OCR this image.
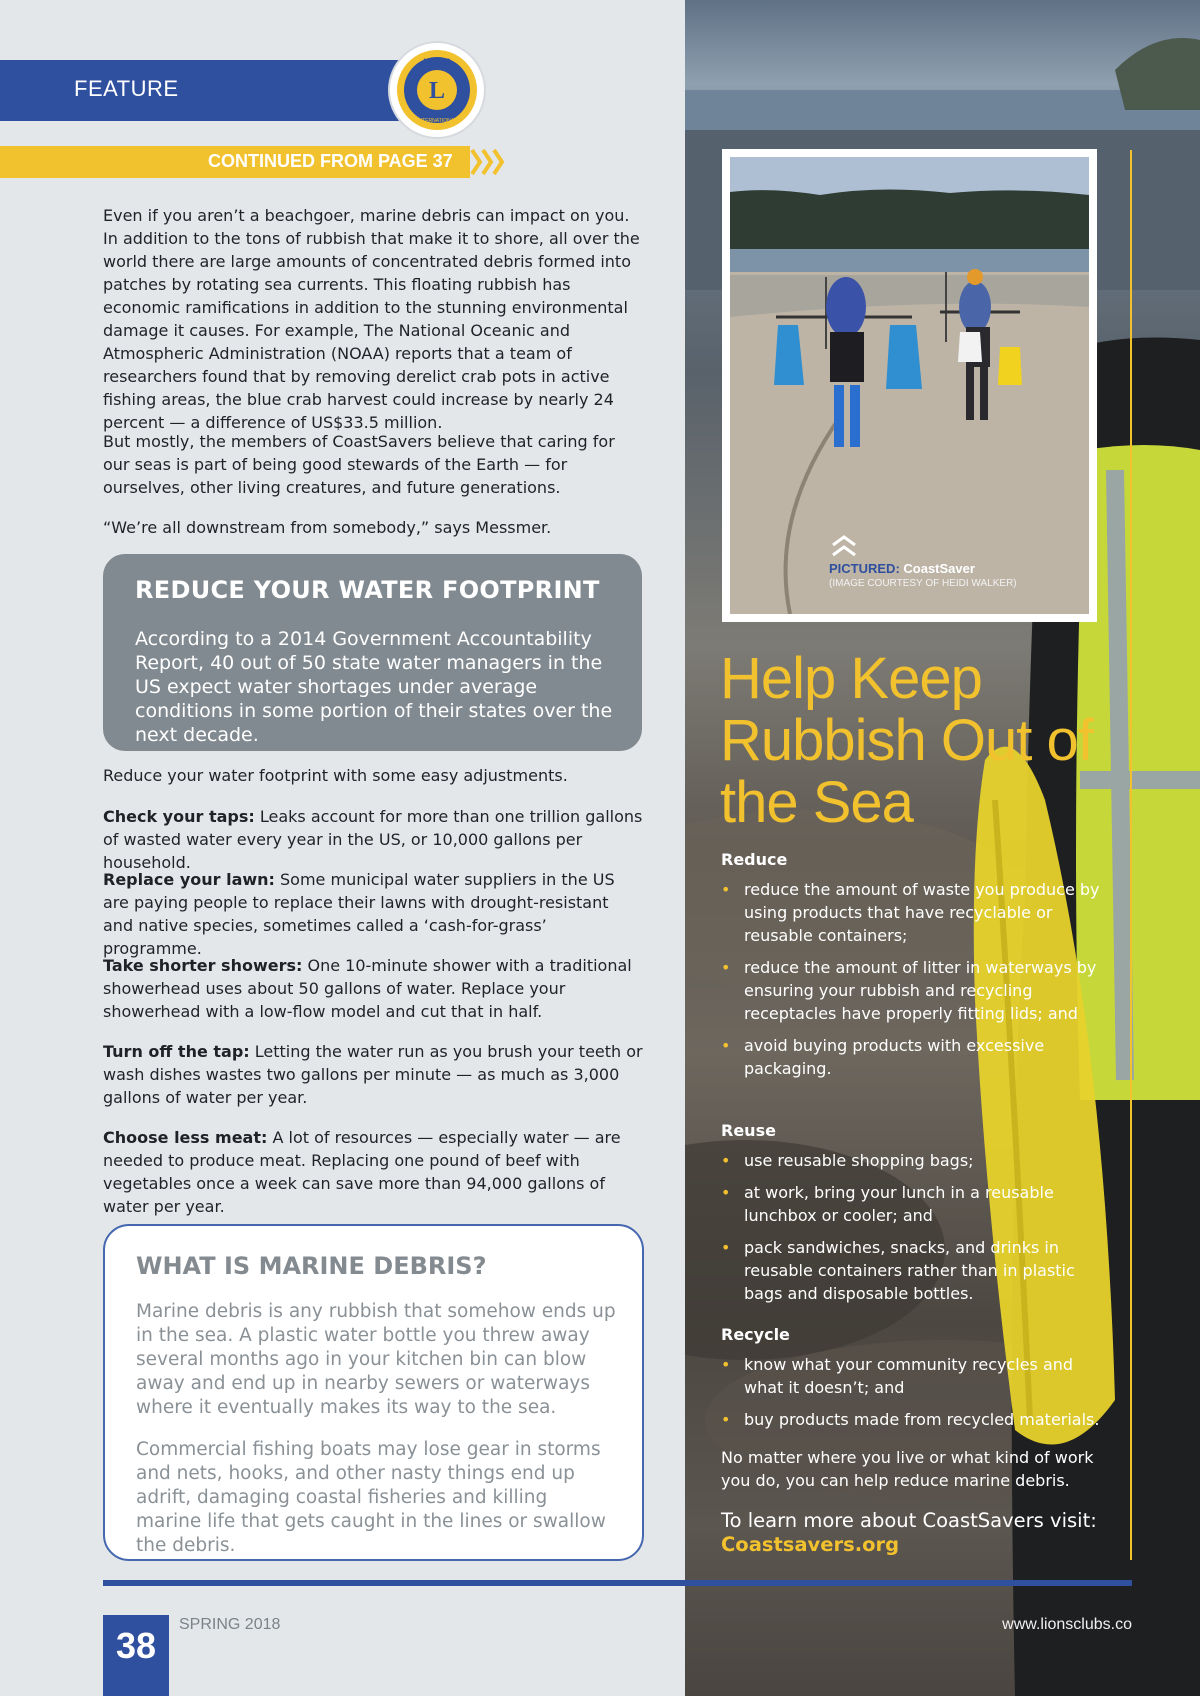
FEATURE
LIONS
L
INTERNATIONAL
CONTINUED FROM PAGE 37

Even if you aren’t a beachgoer, marine debris can impact on you. In addition to the tons of rubbish that make it to shore, all over the world there are large amounts of concentrated debris formed into patches by rotating sea currents. This floating rubbish has economic ramifications in addition to the stunning environmental damage it causes. For example, The National Oceanic and Atmospheric Administration (NOAA) reports that a team of researchers found that by removing derelict crab pots in active fishing areas, the blue crab harvest could increase by nearly 24 percent — a difference of US$33.5 million.

But mostly, the members of CoastSavers believe that caring for our seas is part of being good stewards of the Earth — for ourselves, other living creatures, and future generations.

“We’re all downstream from somebody,” says Messmer.

REDUCE YOUR WATER FOOTPRINT

According to a 2014 Government Accountability Report, 40 out of 50 state water managers in the US expect water shortages under average conditions in some portion of their states over the next decade.

Reduce your water footprint with some easy adjustments.

Check your taps: Leaks account for more than one trillion gallons of wasted water every year in the US, or 10,000 gallons per household.

Replace your lawn: Some municipal water suppliers in the US are paying people to replace their lawns with drought-resistant and native species, sometimes called a ‘cash-for-grass’ programme.

Take shorter showers: One 10-minute shower with a traditional showerhead uses about 50 gallons of water. Replace your showerhead with a low-flow model and cut that in half.

Turn off the tap: Letting the water run as you brush your teeth or wash dishes wastes two gallons per minute — as much as 3,000 gallons of water per year.

Choose less meat: A lot of resources — especially water — are needed to produce meat. Replacing one pound of beef with vegetables once a week can save more than 94,000 gallons of water per year.

WHAT IS MARINE DEBRIS?

Marine debris is any rubbish that somehow ends up in the sea. A plastic water bottle you threw away several months ago in your kitchen bin can blow away and end up in nearby sewers or waterways where it eventually makes its way to the sea.

Commercial fishing boats may lose gear in storms and nets, hooks, and other nasty things end up adrift, damaging coastal fisheries and killing marine life that gets caught in the lines or swallow the debris.

PICTURED: CoastSaver
(IMAGE COURTESY OF HEIDI WALKER)
Help Keep Rubbish Out of the Sea
Reduce
• reduce the amount of waste you produce by using products that have recyclable or reusable containers;
• reduce the amount of litter in waterways by ensuring your rubbish and recycling receptacles have properly fitting lids; and
• avoid buying products with excessive packaging.
Reuse
• use reusable shopping bags;
• at work, bring your lunch in a reusable lunchbox or cooler; and
• pack sandwiches, snacks, and drinks in reusable containers rather than in plastic bags and disposable bottles.
Recycle
• know what your community recycles and what it doesn’t; and
• buy products made from recycled materials.

No matter where you live or what kind of work you do, you can help reduce marine debris.

To learn more about CoastSavers visit:

Coastsavers.org
38
SPRING 2018	www.lionsclubs.co
